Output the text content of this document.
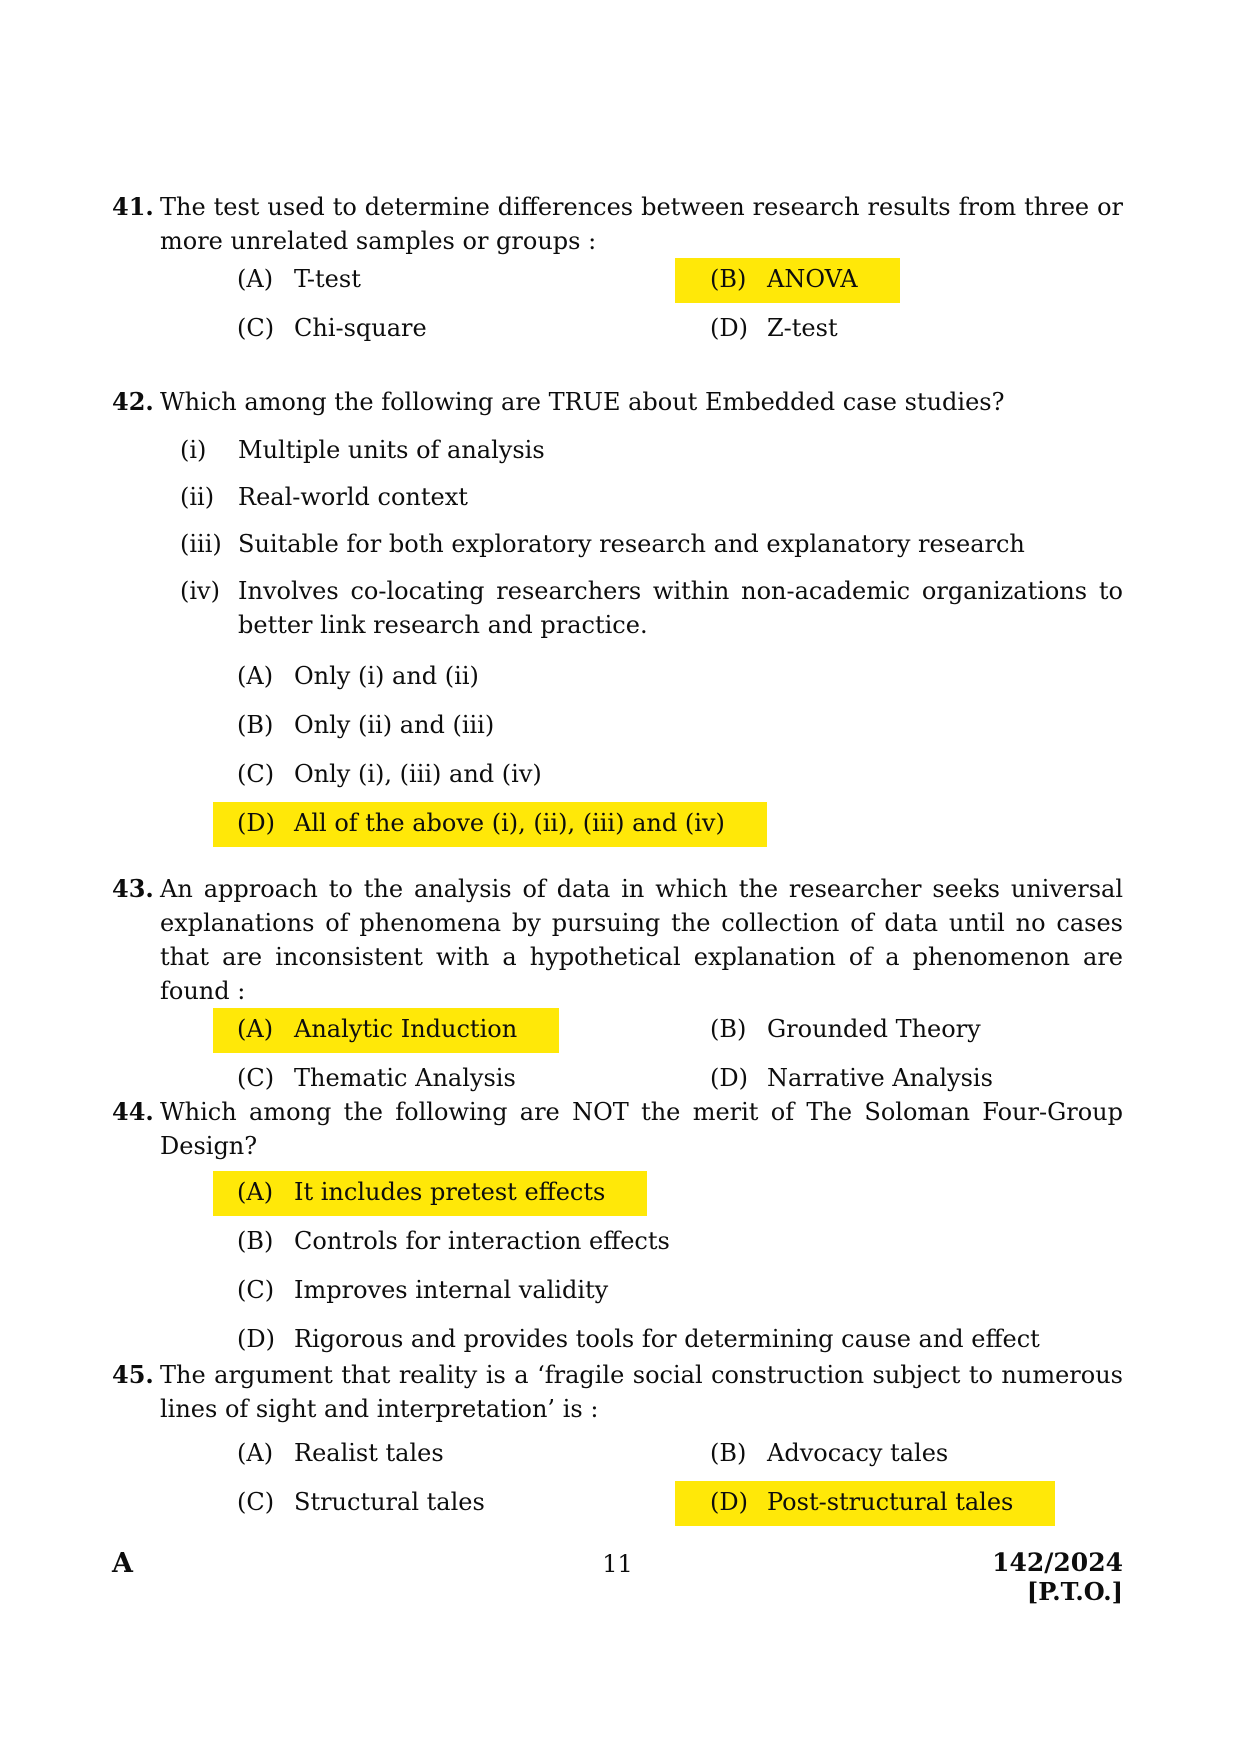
41. The test used to determine differences between research results from three or more unrelated samples or groups :

(A) T-test	(B) ANOVA
(C) Chi-square	(D) Z-test
42. Which among the following are TRUE about Embedded case studies?

(i)	Multiple units of analysis
(ii) Real-world context
(iii) Suitable for both exploratory research and explanatory research
(iv) Involves co-locating researchers within non-academic organizations to better link research and practice.
(A) Only (i) and (ii)
(B) Only (ii) and (iii)
(C) Only (i), (iii) and (iv)
(D) All of the above (i), (ii), (iii) and (iv)
43. An approach to the analysis of data in which the researcher seeks universal explanations of phenomena by pursuing the collection of data until no cases that are inconsistent with a hypothetical explanation of a phenomenon are found :

(A) Analytic Induction	(B) Grounded Theory
(C) Thematic Analysis	(D) Narrative Analysis
44. Which among the following are NOT the merit of The Soloman Four-Group Design?

(A) It includes pretest effects
(B) Controls for interaction effects
(C) Improves internal validity
(D) Rigorous and provides tools for determining cause and effect
45. The argument that reality is a ‘fragile social construction subject to numerous lines of sight and interpretation’ is :

(A) Realist tales	(B) Advocacy tales
(C) Structural tales	(D) Post-structural tales
A	11	142/2024
[P.T.O.]
